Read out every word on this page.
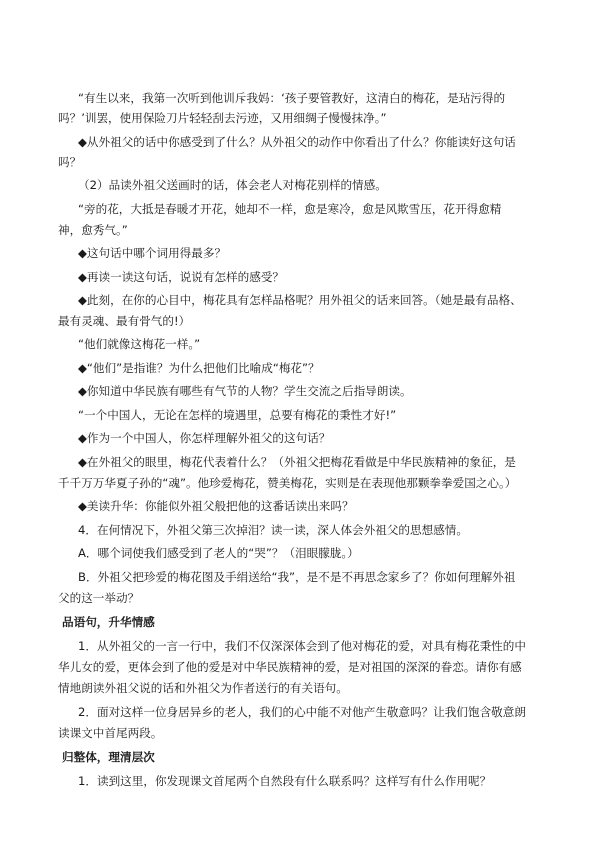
“有生以来，我第一次听到他训斥我妈：‘孩子要管教好，这清白的梅花，是玷污得的
吗？’训罢，使用保险刀片轻轻刮去污迹，又用细绸子慢慢抹净。”
◆从外祖父的话中你感受到了什么？从外祖父的动作中你看出了什么？你能读好这句话
吗？
（2）品读外祖父送画时的话，体会老人对梅花别样的情感。
“旁的花，大抵是春暖才开花，她却不一样，愈是寒冷，愈是风欺雪压，花开得愈精
神，愈秀气。”
◆这句话中哪个词用得最多？
◆再读一读这句话，说说有怎样的感受？
◆此刻，在你的心目中，梅花具有怎样品格呢？用外祖父的话来回答。（她是最有品格、
最有灵魂、最有骨气的!）
“他们就像这梅花一样。”
◆“他们”是指谁？为什么把他们比喻成“梅花”？
◆你知道中华民族有哪些有气节的人物？学生交流之后指导朗读。
“一个中国人，无论在怎样的境遇里，总要有梅花的秉性才好!”
◆作为一个中国人，你怎样理解外祖父的这句话？
◆在外祖父的眼里，梅花代表着什么？（外祖父把梅花看做是中华民族精神的象征，是
千千万万华夏子孙的“魂”。他珍爱梅花，赞美梅花，实则是在表现他那颗拳拳爱国之心。）
◆美读升华：你能似外祖父般把他的这番话读出来吗？
4．在何情况下，外祖父第三次掉泪？读一读，深人体会外祖父的思想感情。
A．哪个词使我们感受到了老人的“哭”？（泪眼朦胧。）
B．外祖父把珍爱的梅花图及手绢送给“我”，是不是不再思念家乡了？你如何理解外祖
父的这一举动？
1．从外祖父的一言一行中，我们不仅深深体会到了他对梅花的爱，对具有梅花秉性的中
华儿女的爱，更体会到了他的爱是对中华民族精神的爱，是对祖国的深深的眷恋。请你有感
情地朗读外祖父说的话和外祖父为作者送行的有关语句。
2．面对这样一位身居异乡的老人，我们的心中能不对他产生敬意吗？让我们饱含敬意朗
读课文中首尾两段。
1．读到这里，你发现课文首尾两个自然段有什么联系吗？这样写有什么作用呢？
品语句，升华情感
归整体，理清层次
